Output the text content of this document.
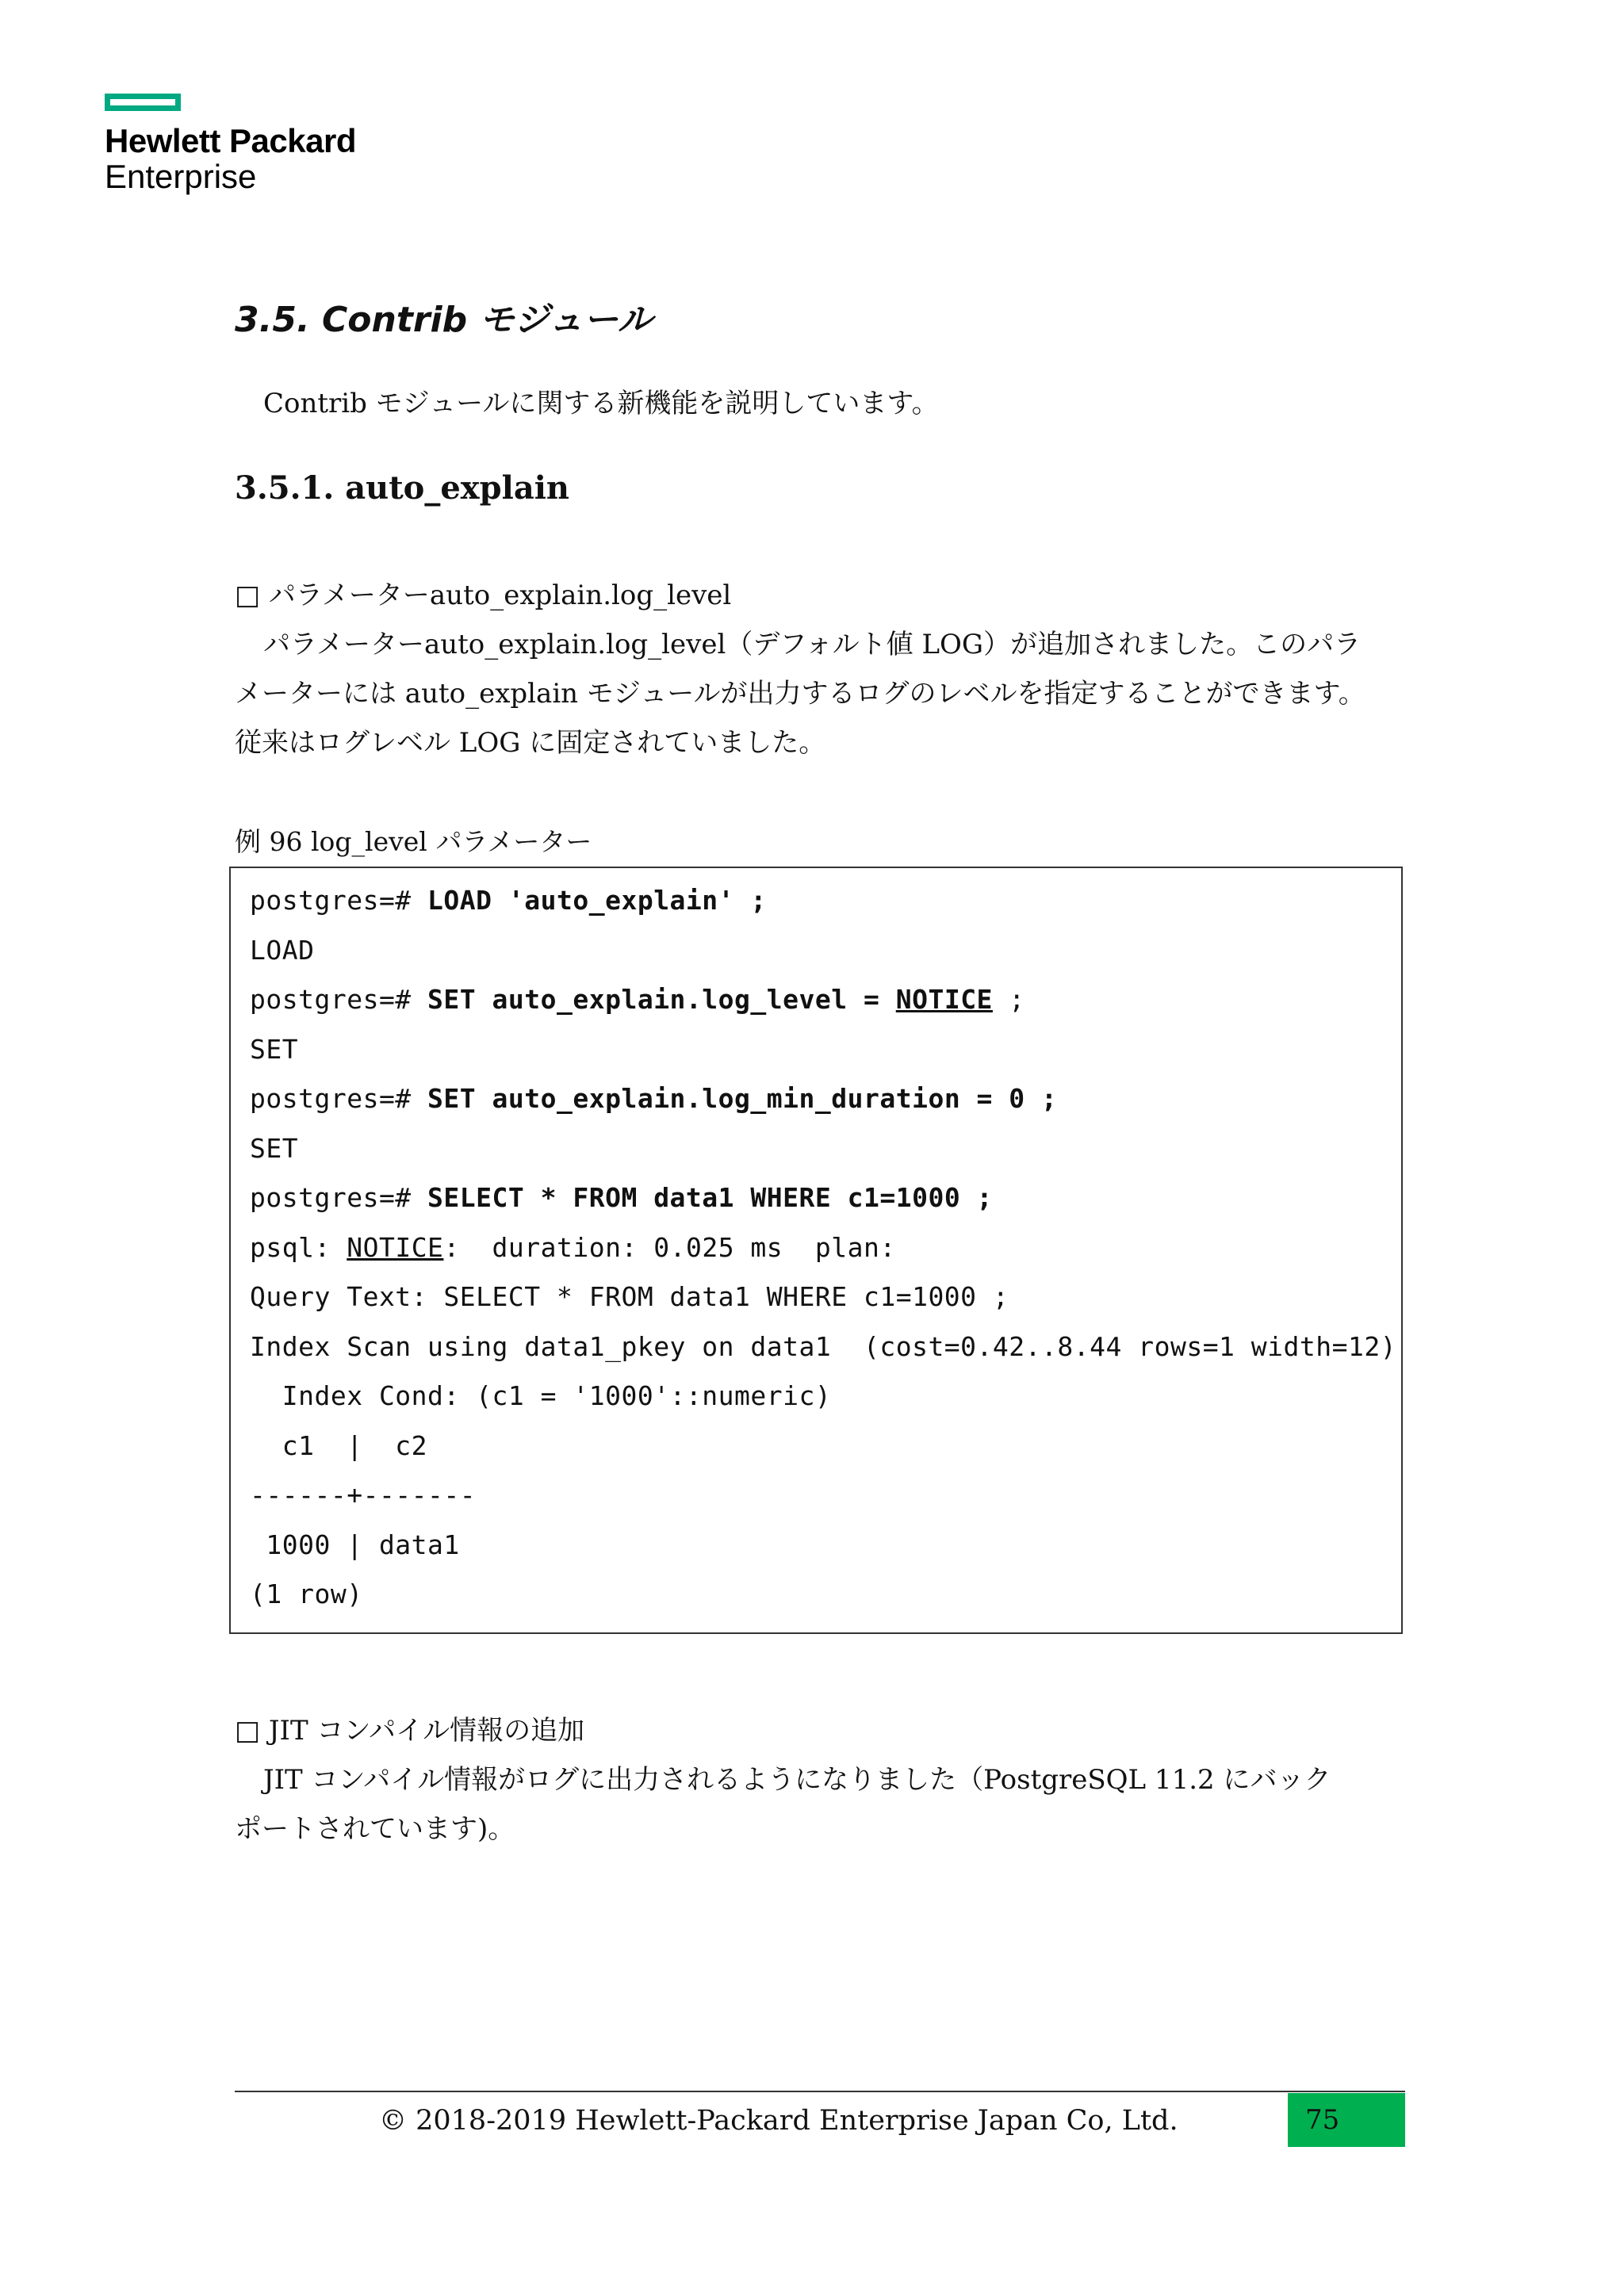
Hewlett Packard
Enterprise
3.5. Contrib モジュール
Contrib モジュールに関する新機能を説明しています。
3.5.1. auto_explain
□ パラメーターauto_explain.log_level
パラメーターauto_explain.log_level（デフォルト値 LOG）が追加されました。このパラ
メーターには auto_explain モジュールが出力するログのレベルを指定することができます。
従来はログレベル LOG に固定されていました。
例 96 log_level パラメーター
postgres=# LOAD 'auto_explain' ;
LOAD
postgres=# SET auto_explain.log_level = NOTICE ;
SET
postgres=# SET auto_explain.log_min_duration = 0 ;
SET
postgres=# SELECT * FROM data1 WHERE c1=1000 ;
psql: NOTICE:  duration: 0.025 ms  plan:
Query Text: SELECT * FROM data1 WHERE c1=1000 ;
Index Scan using data1_pkey on data1  (cost=0.42..8.44 rows=1 width=12)
Index Cond: (c1 = '1000'::numeric)
c1  |  c2
------+-------
1000 | data1
(1 row)
□ JIT コンパイル情報の追加
JIT コンパイル情報がログに出力されるようになりました（PostgreSQL 11.2 にバック
ポートされています)。
© 2018-2019 Hewlett-Packard Enterprise Japan Co, Ltd.	75
